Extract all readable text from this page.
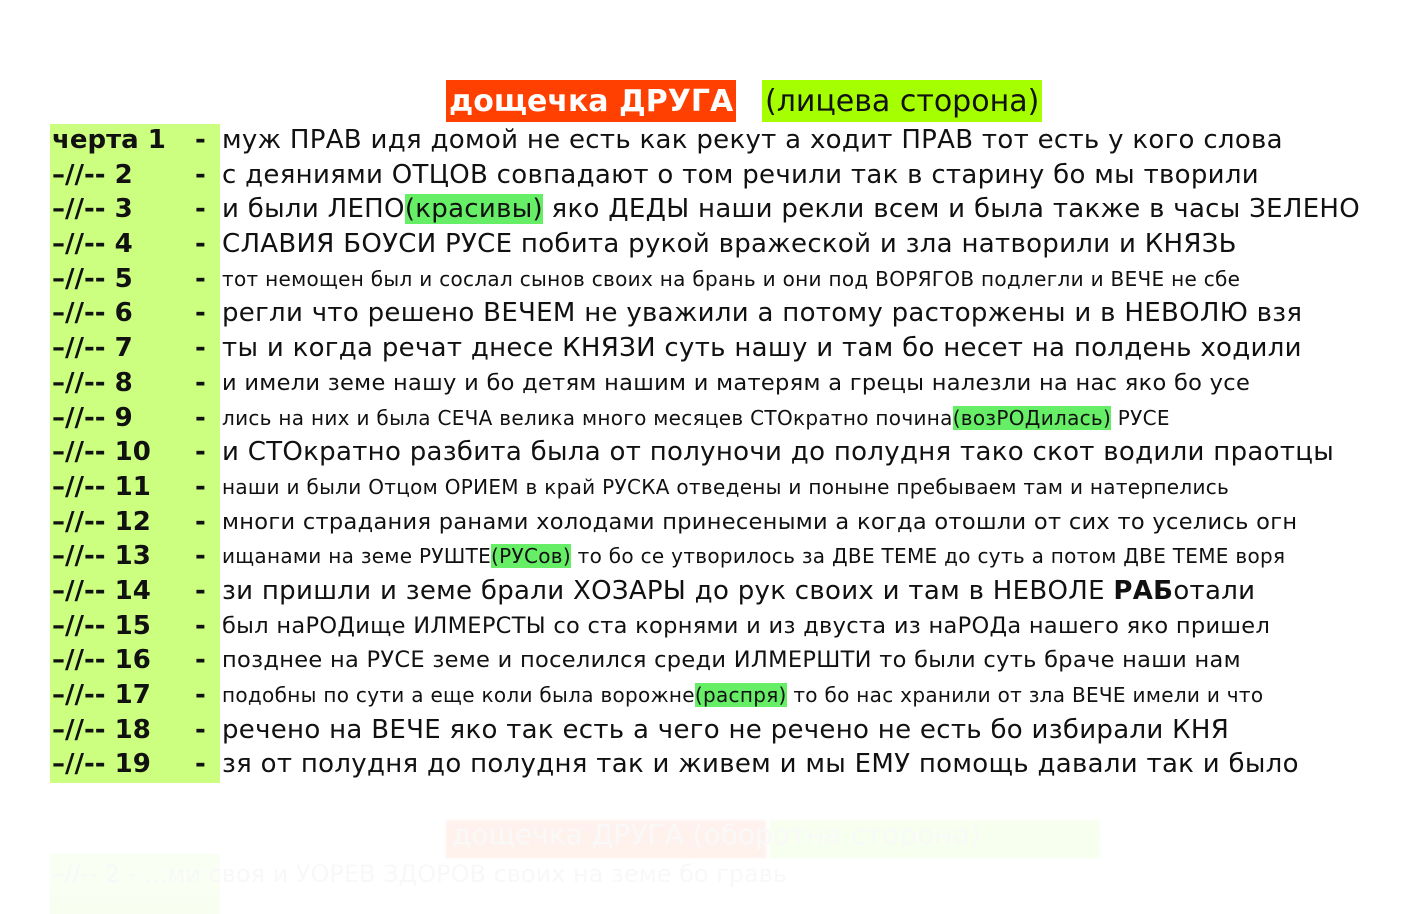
дощечка ДРУГА (лицева сторона)
черта 1	- муж ПРАВ идя домой не есть как рекут а ходит ПРАВ тот есть у кого слова
–//-- 2	- с деяниями ОТЦОВ совпадают о том речили так в старину бо мы творили
–//-- 3	- и были ЛЕПО(красивы) яко ДЕДЫ наши рекли всем и была также в часы ЗЕЛЕНО
–//-- 4	- СЛАВИЯ БОУСИ РУСЕ побита рукой вражеской и зла натворили и КНЯЗЬ
–//-- 5	- тот немощен был и сослал сынов своих на брань и они под ВОРЯГОВ подлегли и ВЕЧЕ не сбе
–//-- 6	- регли что решено ВЕЧЕМ не уважили а потому расторжены и в НЕВОЛЮ взя
–//-- 7	- ты и когда речат днесе КНЯЗИ суть нашу и там бо несет на полдень ходили
–//-- 8	- и имели земе нашу и бо детям нашим и матерям а грецы налезли на нас яко бо усе
–//-- 9	- лись на них и была СЕЧА велика много месяцев СТОкратно почина(возРОДилась) РУСЕ
–//-- 10	- и СТОкратно разбита была от полуночи до полудня тако скот водили праотцы
–//-- 11	- наши и были Отцом ОРИЕМ в край РУСКА отведены и поныне пребываем там и натерпелись
–//-- 12	- многи страдания ранами холодами принесеными а когда отошли от сих то уселись огн
–//-- 13	- ищанами на земе РУШТЕ(РУСов) то бо се утворилось за ДВЕ ТЕМЕ до суть а потом ДВЕ ТЕМЕ воря
–//-- 14	- зи пришли и земе брали ХОЗАРЫ до рук своих и там в НЕВОЛЕ РАБотали
–//-- 15	- был наРОДище ИЛМЕРСТЫ со ста корнями и из двуста из наРОДа нашего яко пришел
–//-- 16	- позднее на РУСЕ земе и поселился среди ИЛМЕРШТИ то были суть браче наши нам
–//-- 17	- подобны по сути а еще коли была ворожне(распря) то бо нас хранили от зла ВЕЧЕ имели и что
–//-- 18	- речено на ВЕЧЕ яко так есть а чего не речено не есть бо избирали КНЯ
–//-- 19	- зя от полудня до полудня так и живем и мы ЕМУ помощь давали так и было
